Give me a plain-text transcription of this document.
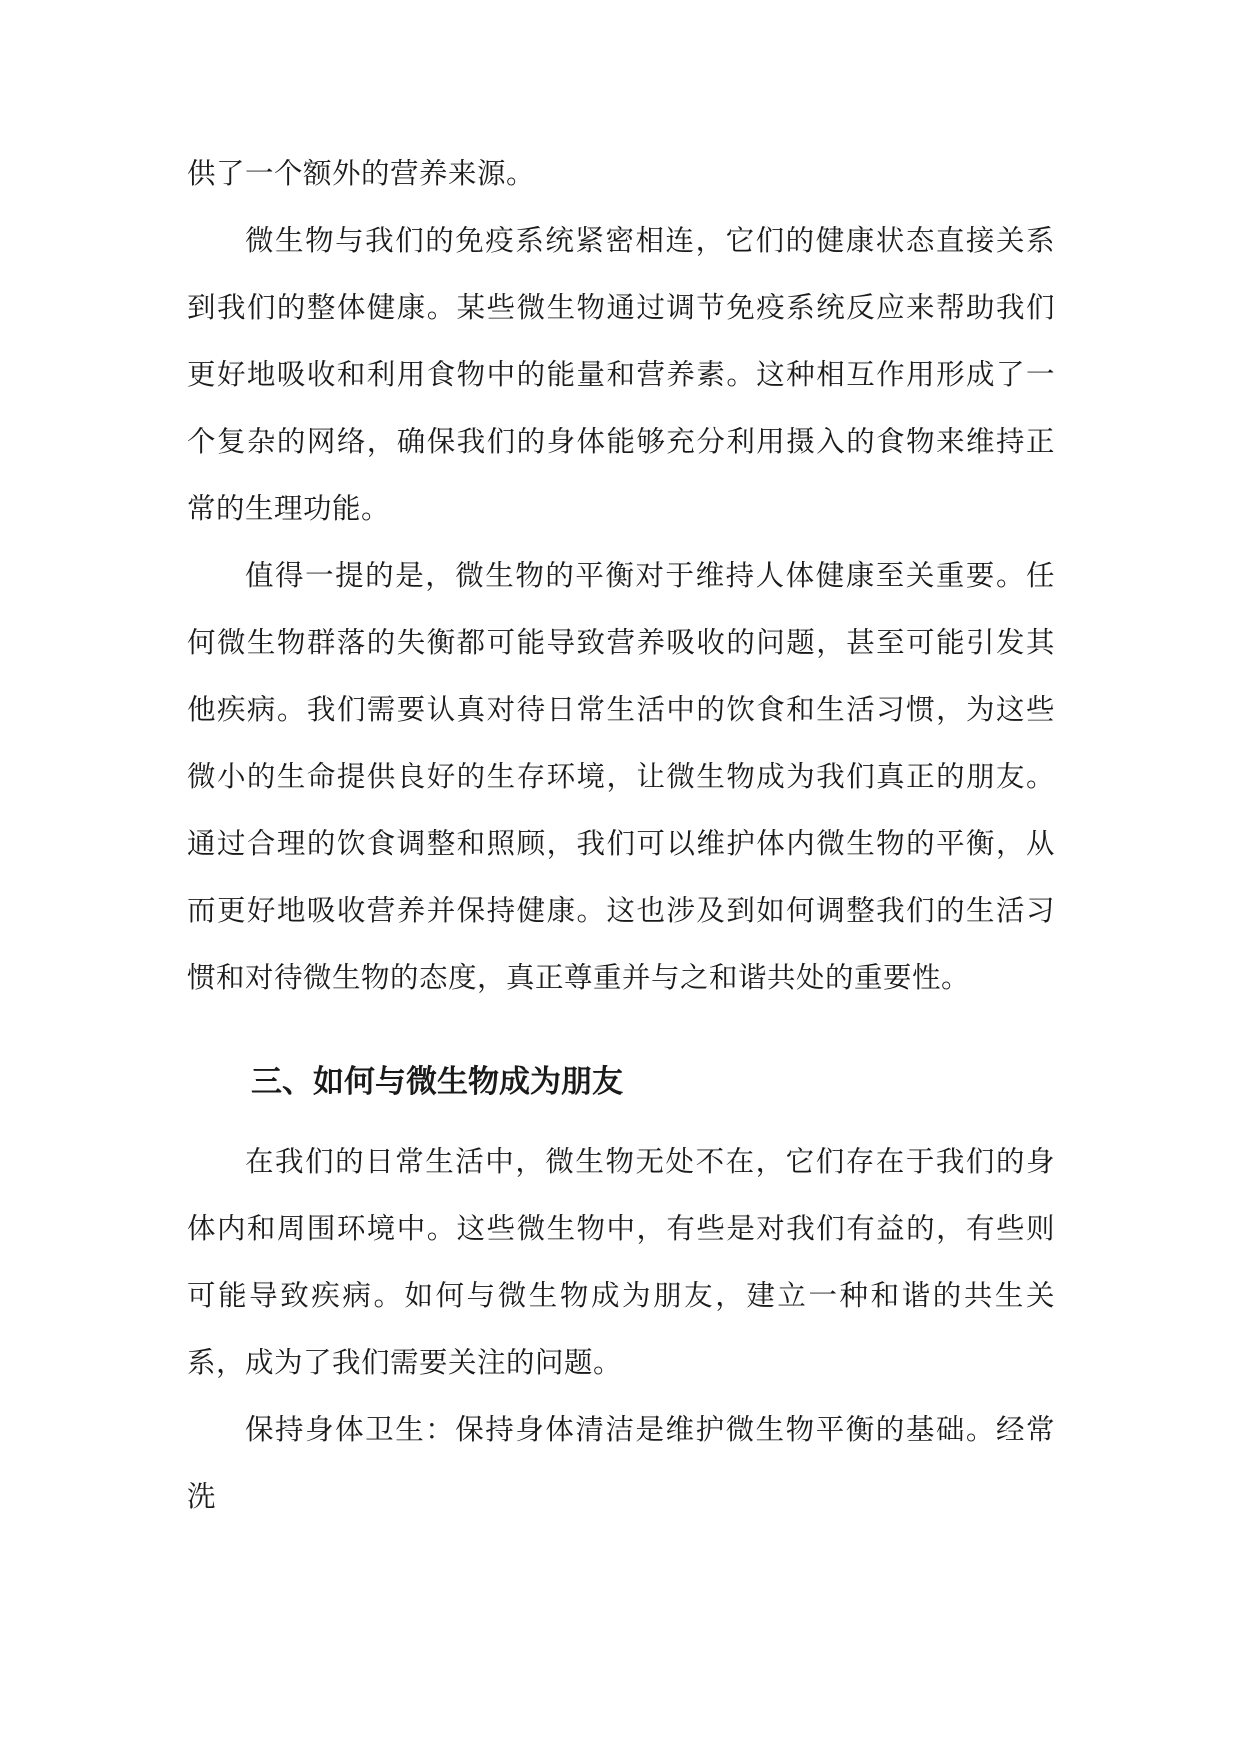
供了一个额外的营养来源。

微生物与我们的免疫系统紧密相连，它们的健康状态直接关系到我们的整体健康。某些微生物通过调节免疫系统反应来帮助我们更好地吸收和利用食物中的能量和营养素。这种相互作用形成了一个复杂的网络，确保我们的身体能够充分利用摄入的食物来维持正常的生理功能。

值得一提的是，微生物的平衡对于维持人体健康至关重要。任何微生物群落的失衡都可能导致营养吸收的问题，甚至可能引发其他疾病。我们需要认真对待日常生活中的饮食和生活习惯，为这些微小的生命提供良好的生存环境，让微生物成为我们真正的朋友。通过合理的饮食调整和照顾，我们可以维护体内微生物的平衡，从而更好地吸收营养并保持健康。这也涉及到如何调整我们的生活习惯和对待微生物的态度，真正尊重并与之和谐共处的重要性。

三、如何与微生物成为朋友

在我们的日常生活中，微生物无处不在，它们存在于我们的身体内和周围环境中。这些微生物中，有些是对我们有益的，有些则可能导致疾病。如何与微生物成为朋友，建立一种和谐的共生关系，成为了我们需要关注的问题。

保持身体卫生：保持身体清洁是维护微生物平衡的基础。经常洗
